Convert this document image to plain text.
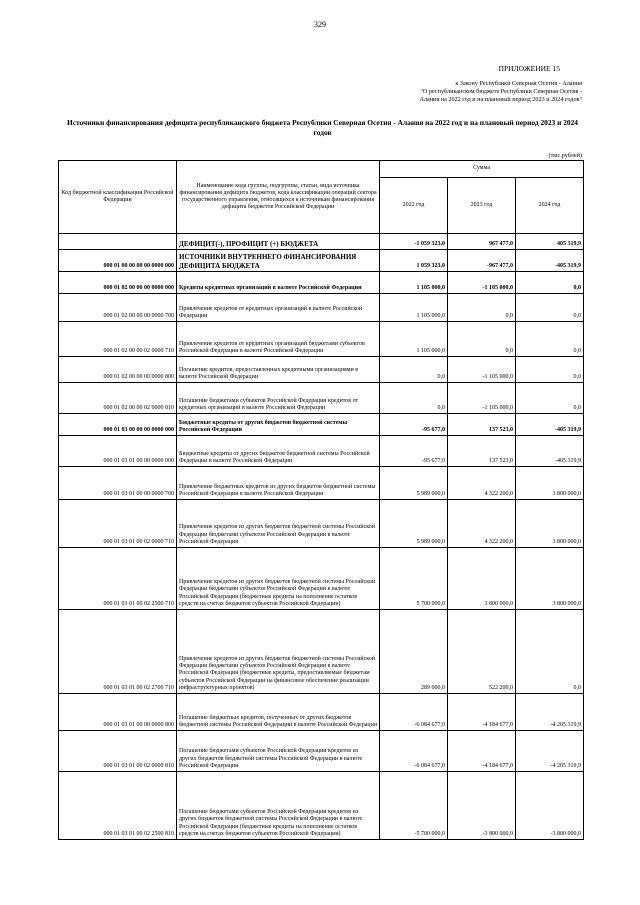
329
ПРИЛОЖЕНИЕ 15
к Закону Республики Северная Осетия - Алания
"О республиканском бюджете Республики Северная Осетия -
Алания на 2022 год и на плановый период 2023 и 2024 годов"
Источники финансирования дефицита республиканского бюджета Республики Северная Осетия - Алания на 2022 год и на плановый период 2023 и 2024 годов
(тыс.рублей)
Код бюджетной классификации Российской Федерации	Наименование кода группы, подгруппы, статьи, вида источника финансирования дефицита бюджетов, кода классификации операций сектора государственного управления, относящихся к источникам финансирования дефицита бюджетов Российской Федерации	Сумма		
		2022 год	2023 год	2024 год
	ДЕФИЦИТ(-), ПРОФИЦИТ (+) БЮДЖЕТА	-1 059 323,0	967 477,0	405 319,9
000 01 00 00 00 00 0000 000	ИСТОЧНИКИ ВНУТРЕННЕГО ФИНАНСИРОВАНИЯ ДЕФИЦИТА БЮДЖЕТА	1 059 323,0	-967 477,0	-405 319,9
000 01 02 00 00 00 0000 000	Кредиты кредитных организаций в валюте Российской Федерации	1 105 000,0	-1 105 000,0	0,0
000 01 02 00 00 00 0000 700	Привлечение кредитов от кредитных организаций в валюте Российской Федерации	1 105 000,0	0,0	0,0
000 01 02 00 00 02 0000 710	Привлечение кредитов от кредитных организаций бюджетами субъектов Российской Федерации в валюте Российской Федерации	1 105 000,0	0,0	0,0
000 01 02 00 00 00 0000 800	Погашение кредитов, предоставленных кредитными организациями в валюте Российской Федерации	0,0	-1 105 000,0	0,0
000 01 02 00 00 02 0000 810	Погашение бюджетами субъектов Российской Федерации кредитов от кредитных организаций в валюте Российской Федерации	0,0	-1 105 000,0	0,0
000 01 03 00 00 00 0000 000	Бюджетные кредиты от других бюджетов бюджетной системы Российской Федерации	-95 677,0	137 523,0	-405 319,9
000 01 03 01 00 00 0000 000	Бюджетные кредиты от других бюджетов бюджетной системы Российской Федерации в валюте Российской Федерации	-95 677,0	137 523,0	-405 319,9
000 01 03 01 00 00 0000 700	Привлечение бюджетных кредитов из других бюджетов бюджетной системы Российской Федерации в валюте Российской Федерации	5 989 000,0	4 322 200,0	3 800 000,0
000 01 03 01 00 02 0000 710	Привлечение кредитов из других бюджетов бюджетной системы Российской Федерации бюджетами субъектов Российской Федерации в валюте Российской Федерации	5 989 000,0	4 322 200,0	3 800 000,0
000 01 03 01 00 02 2500 710	Привлечение кредитов из других бюджетов бюджетной системы Российской Федерации бюджетами субъектов Российской Федерации в валюте Российской Федерации (бюджетные кредиты на пополнение остатков средств на счетах бюджетов субъектов Российской Федерации)	5 700 000,0	3 800 000,0	3 800 000,0
000 01 03 01 00 02 2700 710	Привлечение кредитов из других бюджетов бюджетной системы Российской Федерации бюджетами субъектов Российской Федерации в валюте Российской Федерации (бюджетные кредиты, предоставляемые бюджетам субъектов Российской Федерации на финансовое обеспечение реализации инфраструктурных проектов)	289 000,0	522 200,0	0,0
000 01 03 01 00 00 0000 800	Погашение бюджетных кредитов, полученных от других бюджетов бюджетной системы Российской Федерации в валюте Российской Федерации	-6 084 677,0	-4 184 677,0	-4 205 319,9
000 01 03 01 00 02 0000 810	Погашение бюджетами субъектов Российской Федерации кредитов из других бюджетов бюджетной системы Российской Федерации в валюте Российской Федерации	-6 084 677,0	-4 184 677,0	-4 205 319,9
000 01 03 01 00 02 2500 810	Погашение бюджетами субъектов Российской Федерации кредитов из других бюджетов бюджетной системы Российской Федерации в валюте Российской Федерации (бюджетные кредиты на пополнение остатков средств на счетах бюджетов субъектов Российской Федерации)	-5 700 000,0	-3 800 000,0	-3 800 000,0
